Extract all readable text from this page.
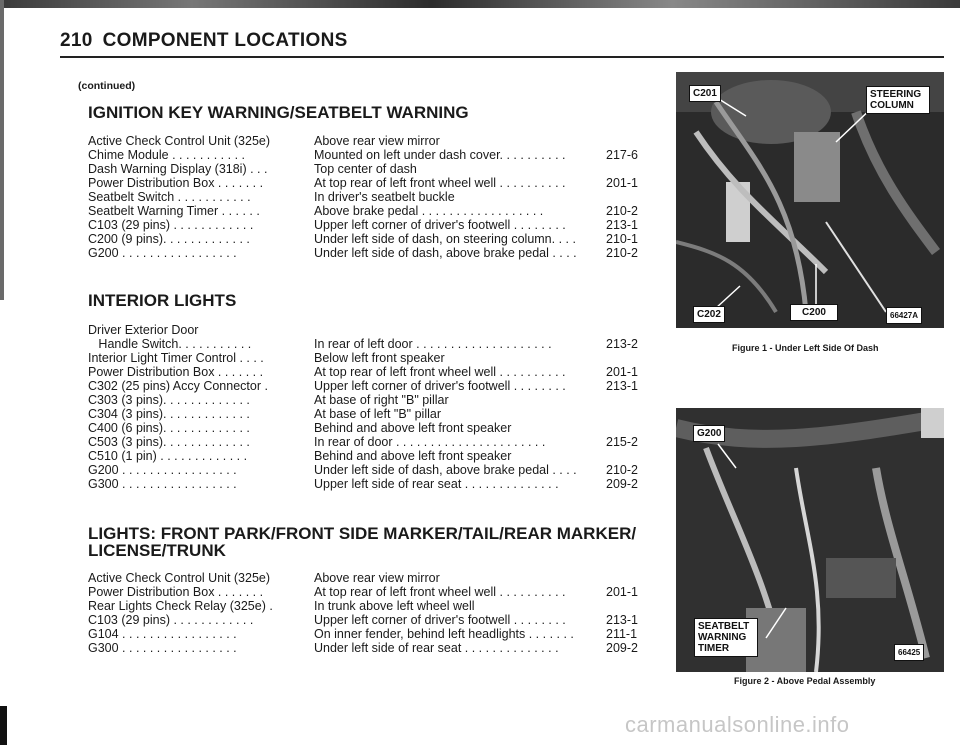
210 COMPONENT LOCATIONS
(continued)
IGNITION KEY WARNING/SEATBELT WARNING
Active Check Control Unit (325e)	Above rear view mirror
Chime Module . . . . . . . . . . .	Mounted on left under dash cover. . . . . . . . . .	217-6
Dash Warning Display (318i) . . .	Top center of dash
Power Distribution Box . . . . . . .	At top rear of left front wheel well . . . . . . . . . .	201-1
Seatbelt Switch . . . . . . . . . . .	In driver's seatbelt buckle
Seatbelt Warning Timer . . . . . .	Above brake pedal . . . . . . . . . . . . . . . . . .	210-2
C103 (29 pins) . . . . . . . . . . . .	Upper left corner of driver's footwell . . . . . . . .	213-1
C200 (9 pins). . . . . . . . . . . . .	Under left side of dash, on steering column. . . . 210-1
G200 . . . . . . . . . . . . . . . . .	Under left side of dash, above brake pedal . . . . 210-2
INTERIOR LIGHTS
Driver Exterior Door
Handle Switch. . . . . . . . . . .	In rear of left door . . . . . . . . . . . . . . . . . . . .	213-2
Interior Light Timer Control . . . .	Below left front speaker
Power Distribution Box . . . . . . .	At top rear of left front wheel well . . . . . . . . . .	201-1
C302 (25 pins) Accy Connector .	Upper left corner of driver's footwell . . . . . . . .	213-1
C303 (3 pins). . . . . . . . . . . . .	At base of right "B" pillar
C304 (3 pins). . . . . . . . . . . . .	At base of left "B" pillar
C400 (6 pins). . . . . . . . . . . . .	Behind and above left front speaker
C503 (3 pins). . . . . . . . . . . . .	In rear of door . . . . . . . . . . . . . . . . . . . . . .	215-2
C510 (1 pin) . . . . . . . . . . . . .	Behind and above left front speaker
G200 . . . . . . . . . . . . . . . . .	Under left side of dash, above brake pedal . . . . 210-2
G300 . . . . . . . . . . . . . . . . .	Upper left side of rear seat . . . . . . . . . . . . . .	209-2
LIGHTS: FRONT PARK/FRONT SIDE MARKER/TAIL/REAR MARKER/ LICENSE/TRUNK
Active Check Control Unit (325e)	Above rear view mirror
Power Distribution Box . . . . . . .	At top rear of left front wheel well . . . . . . . . . .	201-1
Rear Lights Check Relay (325e) .	In trunk above left wheel well
C103 (29 pins) . . . . . . . . . . . .	Upper left corner of driver's footwell . . . . . . . .	213-1
G104 . . . . . . . . . . . . . . . . .	On inner fender, behind left headlights . . . . . . .	211-1
G300 . . . . . . . . . . . . . . . . .	Under left side of rear seat . . . . . . . . . . . . . .	209-2
C201	STEERING COLUMN
C202	C200	66427A
Figure 1 - Under Left Side Of Dash
G200
SEATBELT WARNING TIMER	66425
Figure 2 - Above Pedal Assembly
carmanualsonline.info
